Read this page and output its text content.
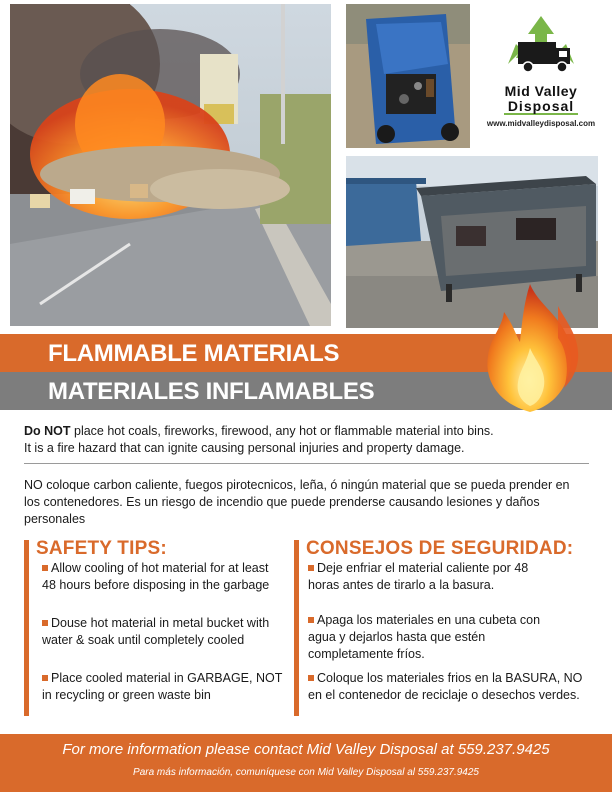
Mid Valley
Disposal
www.midvalleydisposal.com
FLAMMABLE MATERIALS
MATERIALES INFLAMABLES
Do NOT place hot coals, fireworks, firewood, any hot or flammable material into bins.
It is a fire hazard that can ignite causing personal injuries and property damage.
NO coloque carbon caliente, fuegos pirotecnicos, leña, ó ningún material que se pueda prender en los contenedores. Es un riesgo de incendio que puede prenderse causando lesiones y daños personales
SAFETY TIPS:
Allow cooling of hot material for at least 48 hours before disposing in the garbage
Douse hot material in metal bucket with water & soak until completely cooled
Place cooled material in GARBAGE, NOT in recycling or green waste bin
CONSEJOS DE SEGURIDAD:
Deje enfriar el material caliente por 48 horas antes de tirarlo a la basura.
Apaga los materiales en una cubeta con agua y dejarlos hasta que estén completamente fríos.
Coloque los materiales frios en la BASURA, NO en el contenedor de reciclaje o desechos verdes.
For more information please contact Mid Valley Disposal at 559.237.9425
Para más información, comuníquese con Mid Valley Disposal al 559.237.9425
